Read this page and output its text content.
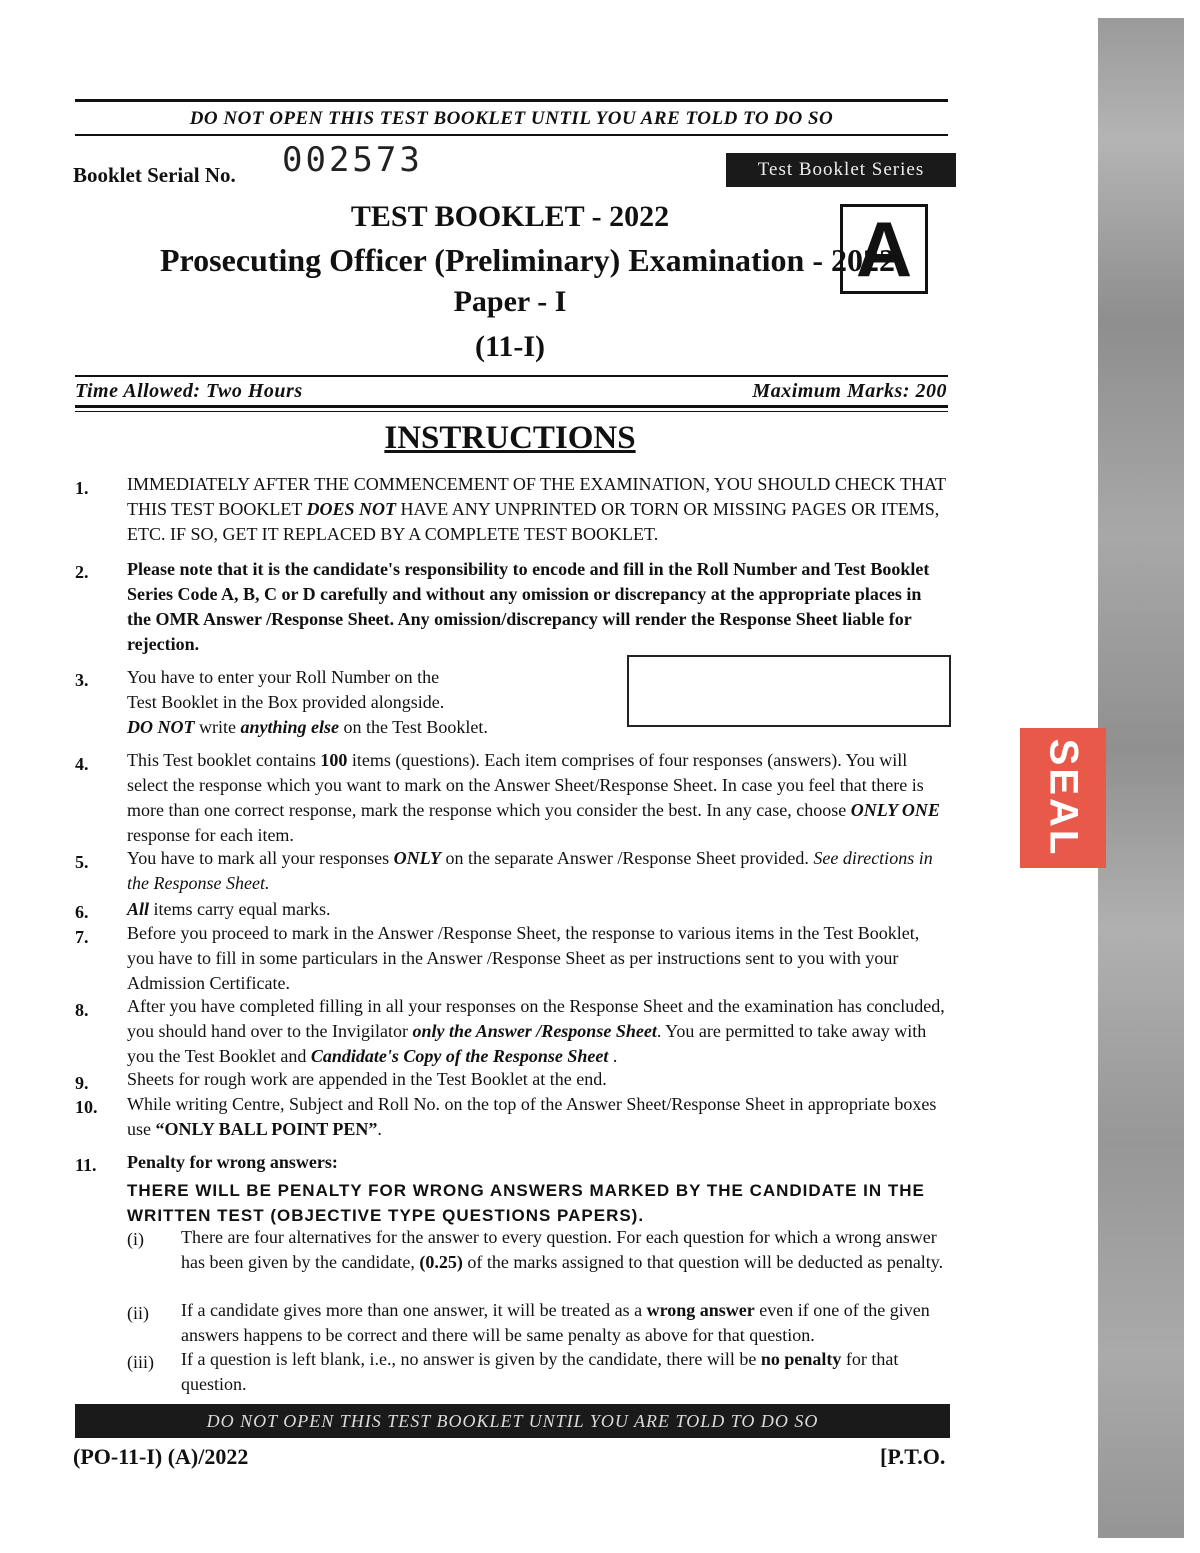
DO NOT OPEN THIS TEST BOOKLET UNTIL YOU ARE TOLD TO DO SO
Booklet Serial No. 002573	Test Booklet Series
TEST BOOKLET - 2022
Prosecuting Officer (Preliminary) Examination - 2022
A
Paper - I
(11-I)
Time Allowed: Two Hours	Maximum Marks: 200
INSTRUCTIONS
1. IMMEDIATELY AFTER THE COMMENCEMENT OF THE EXAMINATION, YOU SHOULD CHECK THAT THIS TEST BOOKLET DOES NOT HAVE ANY UNPRINTED OR TORN OR MISSING PAGES OR ITEMS, ETC. IF SO, GET IT REPLACED BY A COMPLETE TEST BOOKLET.
2. Please note that it is the candidate's responsibility to encode and fill in the Roll Number and Test Booklet Series Code A, B, C or D carefully and without any omission or discrepancy at the appropriate places in the OMR Answer /Response Sheet. Any omission/discrepancy will render the Response Sheet liable for rejection.
3. You have to enter your Roll Number on the
Test Booklet in the Box provided alongside.
DO NOT write anything else on the Test Booklet.
4. This Test booklet contains 100 items (questions). Each item comprises of four responses (answers). You will select the response which you want to mark on the Answer Sheet/Response Sheet. In case you feel that there is more than one correct response, mark the response which you consider the best. In any case, choose ONLY ONE response for each item.
5. You have to mark all your responses ONLY on the separate Answer /Response Sheet provided. See directions in the Response Sheet.
6. All items carry equal marks.
7. Before you proceed to mark in the Answer /Response Sheet, the response to various items in the Test Booklet, you have to fill in some particulars in the Answer /Response Sheet as per instructions sent to you with your Admission Certificate.
8. After you have completed filling in all your responses on the Response Sheet and the examination has concluded, you should hand over to the Invigilator only the Answer /Response Sheet. You are permitted to take away with you the Test Booklet and Candidate's Copy of the Response Sheet .
9. Sheets for rough work are appended in the Test Booklet at the end.
10. While writing Centre, Subject and Roll No. on the top of the Answer Sheet/Response Sheet in appropriate boxes use “ONLY BALL POINT PEN”.
11. Penalty for wrong answers:
THERE WILL BE PENALTY FOR WRONG ANSWERS MARKED BY THE CANDIDATE IN THE WRITTEN TEST (OBJECTIVE TYPE QUESTIONS PAPERS).
(i) There are four alternatives for the answer to every question. For each question for which a wrong answer has been given by the candidate, (0.25) of the marks assigned to that question will be deducted as penalty.
(ii) If a candidate gives more than one answer, it will be treated as a wrong answer even if one of the given answers happens to be correct and there will be same penalty as above for that question.
(iii) If a question is left blank, i.e., no answer is given by the candidate, there will be no penalty for that question.
DO NOT OPEN THIS TEST BOOKLET UNTIL YOU ARE TOLD TO DO SO
(PO-11-I) (A)/2022	[P.T.O.
SEAL
